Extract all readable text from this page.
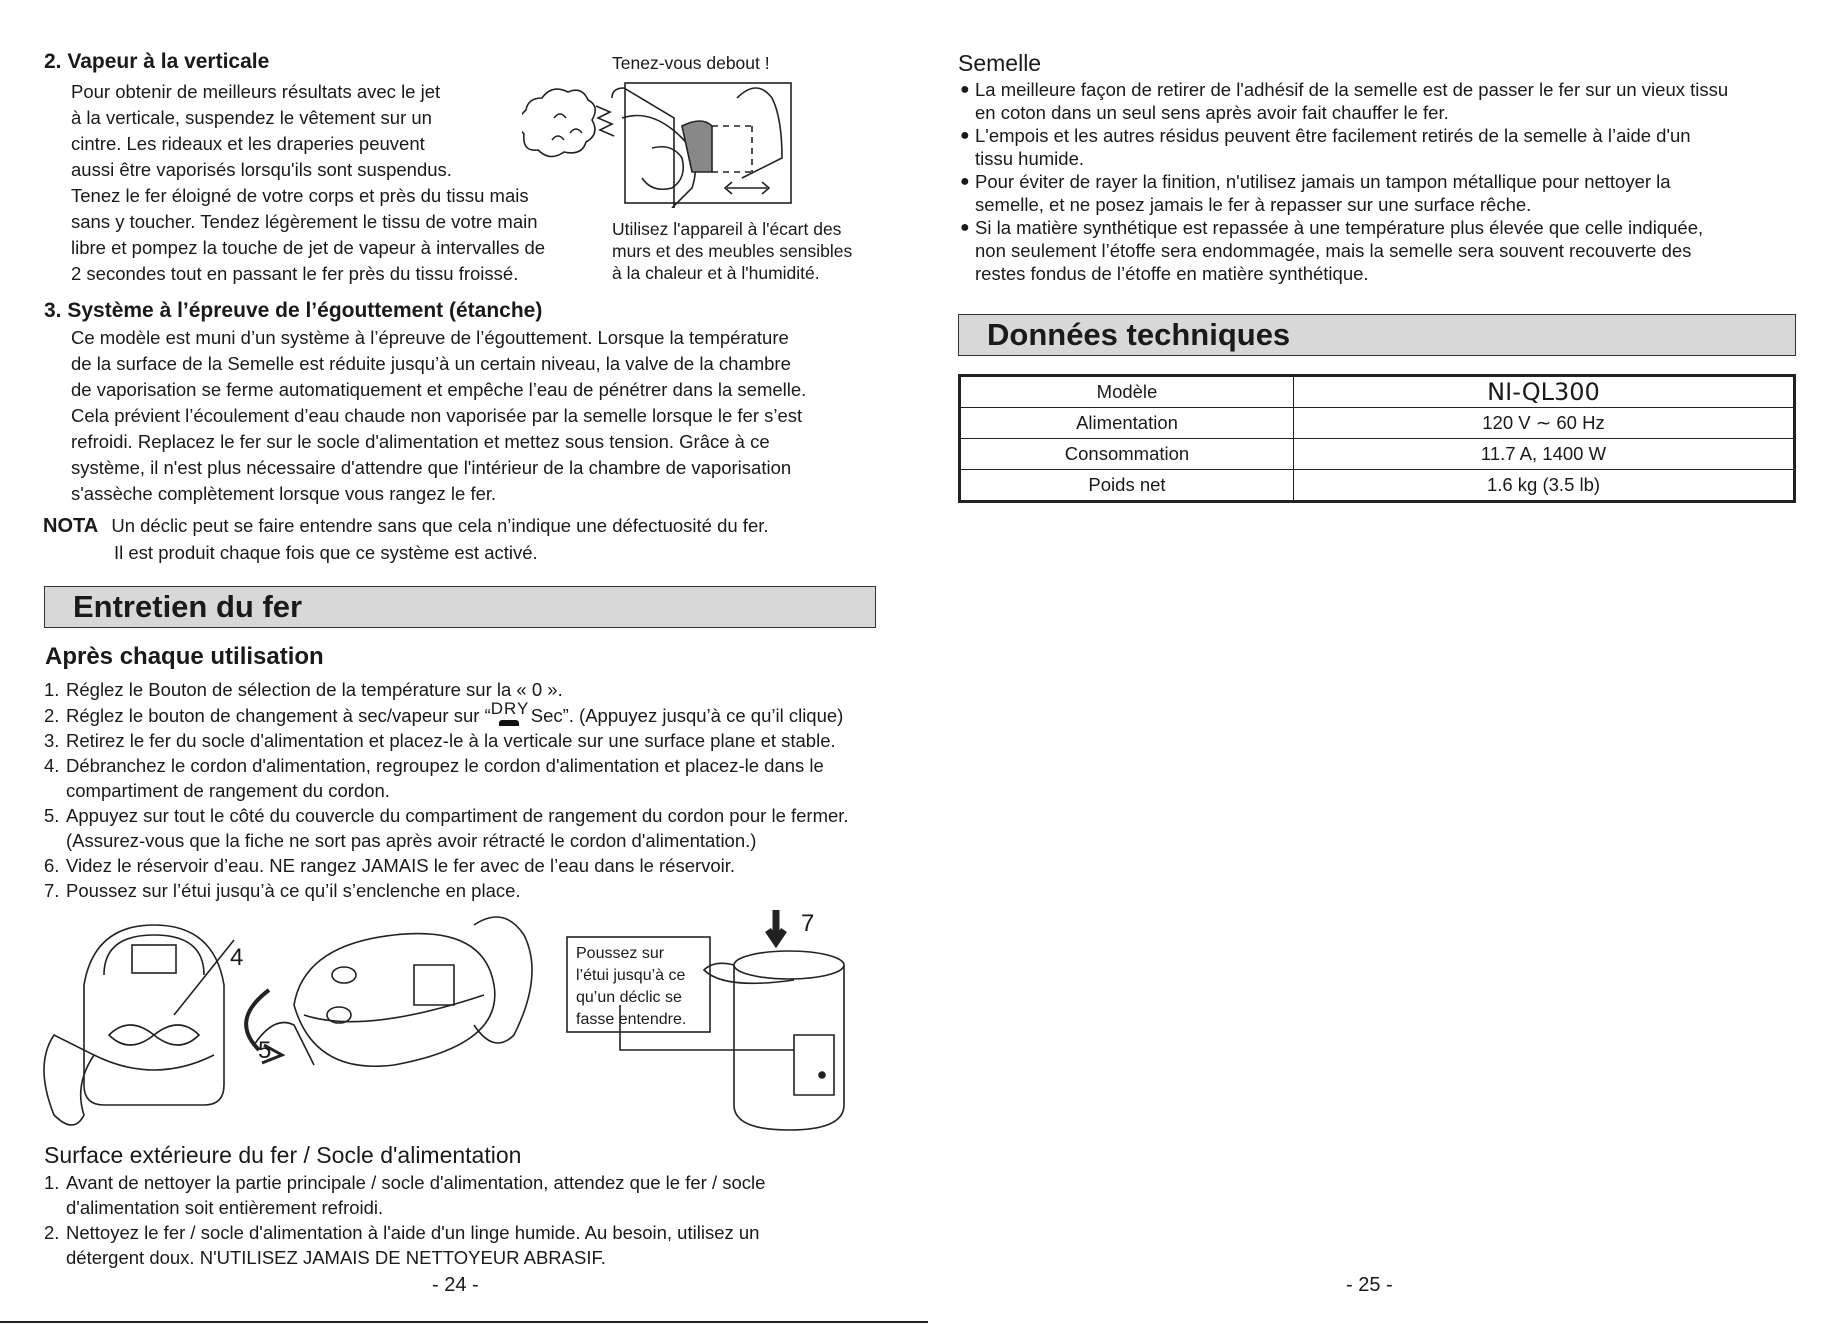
2. Vapeur à la verticale
Pour obtenir de meilleurs résultats avec le jet
à la verticale, suspendez le vêtement sur un
cintre. Les rideaux et les draperies peuvent
aussi être vaporisés lorsqu'ils sont suspendus.
Tenez le fer éloigné de votre corps et près du tissu mais
sans y toucher. Tendez légèrement le tissu de votre main
libre et pompez la touche de jet de vapeur à intervalles de
2 secondes tout en passant le fer près du tissu froissé.
Tenez-vous debout !
Utilisez l'appareil à l'écart des
murs et des meubles sensibles
à la chaleur et à l'humidité.
3. Système à l’épreuve de l’égouttement (étanche)
Ce modèle est muni d’un système à l’épreuve de l’égouttement. Lorsque la température
de la surface de la Semelle est réduite jusqu’à un certain niveau, la valve de la chambre
de vaporisation se ferme automatiquement et empêche l’eau de pénétrer dans la semelle.
Cela prévient l’écoulement d’eau chaude non vaporisée par la semelle lorsque le fer s’est
refroidi. Replacez le fer sur le socle d'alimentation et mettez sous tension. Grâce à ce
système, il n'est plus nécessaire d'attendre que l'intérieur de la chambre de vaporisation
s'assèche complètement lorsque vous rangez le fer.
NOTA Un déclic peut se faire entendre sans que cela n’indique une défectuosité du fer.
Il est produit chaque fois que ce système est activé.
Entretien du fer
Après chaque utilisation
1. Réglez le Bouton de sélection de la température sur la « 0 ».
2. Réglez le bouton de changement à sec/vapeur sur “ DRY Sec”. (Appuyez jusqu’à ce qu’il clique)
3. Retirez le fer du socle d'alimentation et placez-le à la verticale sur une surface plane et stable.
4. Débranchez le cordon d'alimentation, regroupez le cordon d'alimentation et placez-le dans le
compartiment de rangement du cordon.
5. Appuyez sur tout le côté du couvercle du compartiment de rangement du cordon pour le fermer.
(Assurez-vous que la fiche ne sort pas après avoir rétracté le cordon d'alimentation.)
6. Videz le réservoir d’eau. NE rangez JAMAIS le fer avec de l’eau dans le réservoir.
7. Poussez sur l’étui jusqu’à ce qu’il s’enclenche en place.
4
5
7
Poussez sur
l’étui jusqu’à ce
qu’un déclic se
fasse entendre.
Surface extérieure du fer / Socle d'alimentation
1. Avant de nettoyer la partie principale / socle d'alimentation, attendez que le fer / socle
d'alimentation soit entièrement refroidi.
2. Nettoyez le fer / socle d'alimentation à l'aide d'un linge humide. Au besoin, utilisez un
détergent doux. N'UTILISEZ JAMAIS DE NETTOYEUR ABRASIF.
- 24 -
Semelle
● La meilleure façon de retirer de l'adhésif de la semelle est de passer le fer sur un vieux tissu
en coton dans un seul sens après avoir fait chauffer le fer.
● L'empois et les autres résidus peuvent être facilement retirés de la semelle à l’aide d'un
tissu humide.
● Pour éviter de rayer la finition, n'utilisez jamais un tampon métallique pour nettoyer la
semelle, et ne posez jamais le fer à repasser sur une surface rêche.
● Si la matière synthétique est repassée à une température plus élevée que celle indiquée,
non seulement l’étoffe sera endommagée, mais la semelle sera souvent recouverte des
restes fondus de l’étoffe en matière synthétique.
Données techniques
Modèle	NI-QL300
Alimentation	120 V ∼ 60 Hz
Consommation	11.7 A, 1400 W
Poids net	1.6 kg (3.5 lb)
- 25 -
